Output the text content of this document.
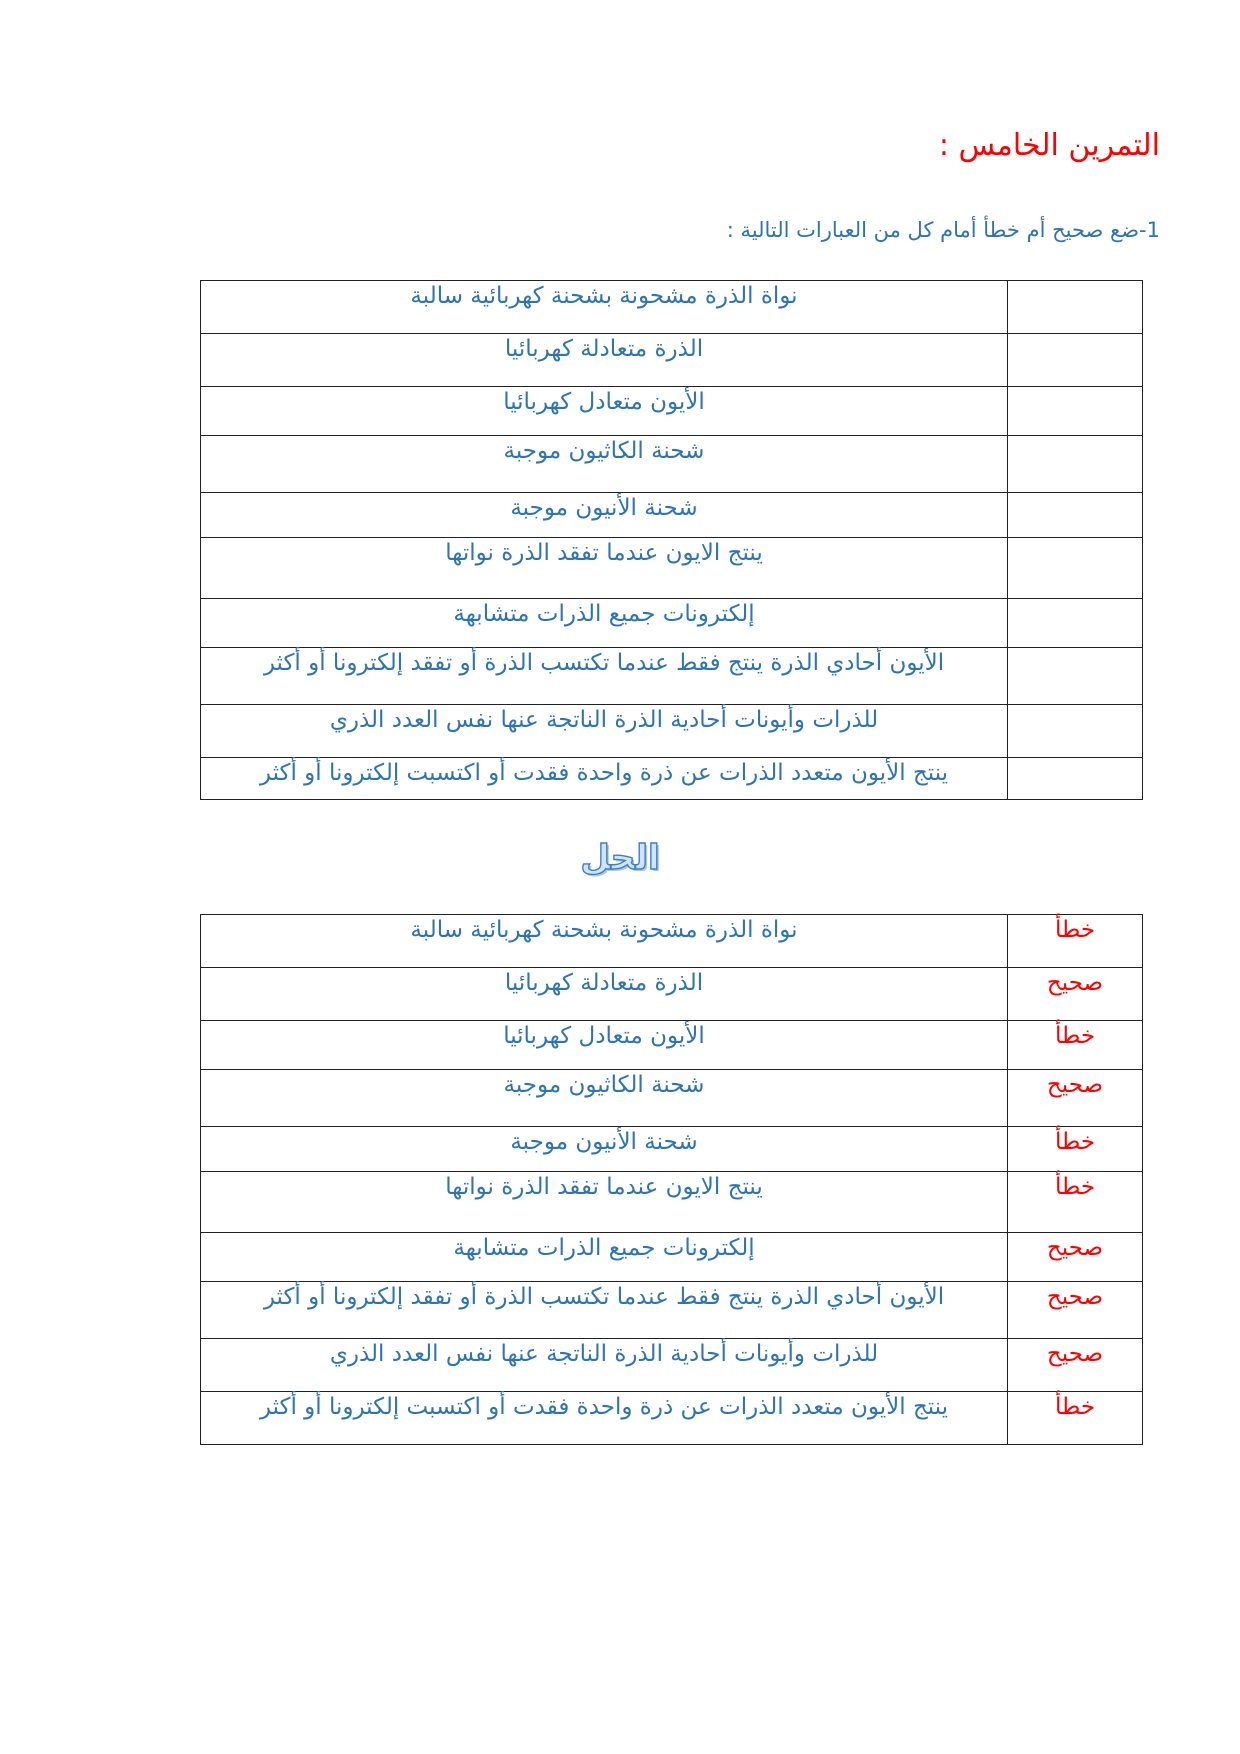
التمرين الخامس :
1-ضع صحيح أم خطأ أمام كل من العبارات التالية :
نواة الذرة مشحونة بشحنة كهربائية سالبة	
الذرة متعادلة كهربائيا	
الأيون متعادل كهربائيا	
شحنة الكاثيون موجبة	
شحنة الأنيون موجبة	
ينتج الايون عندما تفقد الذرة نواتها	
إلكترونات جميع الذرات متشابهة	
الأيون أحادي الذرة ينتج فقط عندما تكتسب الذرة أو تفقد إلكترونا أو أكثر	
للذرات وأيونات أحادية الذرة الناتجة عنها نفس العدد الذري	
ينتج الأيون متعدد الذرات عن ذرة واحدة فقدت أو اكتسبت إلكترونا أو أكثر	
الحل
نواة الذرة مشحونة بشحنة كهربائية سالبة	خطأ
الذرة متعادلة كهربائيا	صحيح
الأيون متعادل كهربائيا	خطأ
شحنة الكاثيون موجبة	صحيح
شحنة الأنيون موجبة	خطأ
ينتج الايون عندما تفقد الذرة نواتها	خطأ
إلكترونات جميع الذرات متشابهة	صحيح
الأيون أحادي الذرة ينتج فقط عندما تكتسب الذرة أو تفقد إلكترونا أو أكثر	صحيح
للذرات وأيونات أحادية الذرة الناتجة عنها نفس العدد الذري	صحيح
ينتج الأيون متعدد الذرات عن ذرة واحدة فقدت أو اكتسبت إلكترونا أو أكثر	خطأ
